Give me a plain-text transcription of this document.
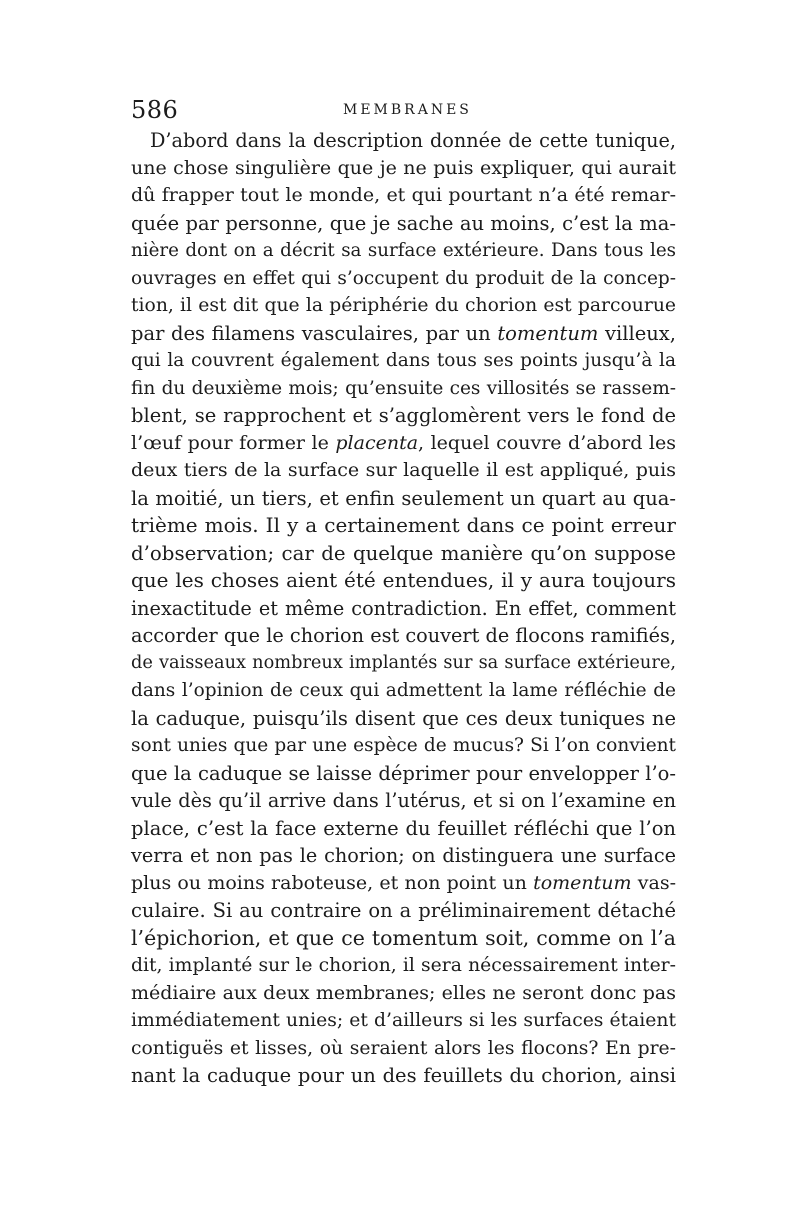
586	MEMBRANES
D’abord dans la description donnée de cette tunique,
une chose singulière que je ne puis expliquer, qui aurait
dû frapper tout le monde, et qui pourtant n’a été remar-
quée par personne, que je sache au moins, c’est la ma-
nière dont on a décrit sa surface extérieure. Dans tous les
ouvrages en effet qui s’occupent du produit de la concep-
tion, il est dit que la périphérie du chorion est parcourue
par des filamens vasculaires, par un tomentum villeux,
qui la couvrent également dans tous ses points jusqu’à la
fin du deuxième mois; qu’ensuite ces villosités se rassem-
blent, se rapprochent et s’agglomèrent vers le fond de
l’œuf pour former le placenta, lequel couvre d’abord les
deux tiers de la surface sur laquelle il est appliqué, puis
la moitié, un tiers, et enfin seulement un quart au qua-
trième mois. Il y a certainement dans ce point erreur
d’observation; car de quelque manière qu’on suppose
que les choses aient été entendues, il y aura toujours
inexactitude et même contradiction. En effet, comment
accorder que le chorion est couvert de flocons ramifiés,
de vaisseaux nombreux implantés sur sa surface extérieure,
dans l’opinion de ceux qui admettent la lame réfléchie de
la caduque, puisqu’ils disent que ces deux tuniques ne
sont unies que par une espèce de mucus? Si l’on convient
que la caduque se laisse déprimer pour envelopper l’o-
vule dès qu’il arrive dans l’utérus, et si on l’examine en
place, c’est la face externe du feuillet réfléchi que l’on
verra et non pas le chorion; on distinguera une surface
plus ou moins raboteuse, et non point un tomentum vas-
culaire. Si au contraire on a préliminairement détaché
l’épichorion, et que ce tomentum soit, comme on l’a
dit, implanté sur le chorion, il sera nécessairement inter-
médiaire aux deux membranes; elles ne seront donc pas
immédiatement unies; et d’ailleurs si les surfaces étaient
contiguës et lisses, où seraient alors les flocons? En pre-
nant la caduque pour un des feuillets du chorion, ainsi
